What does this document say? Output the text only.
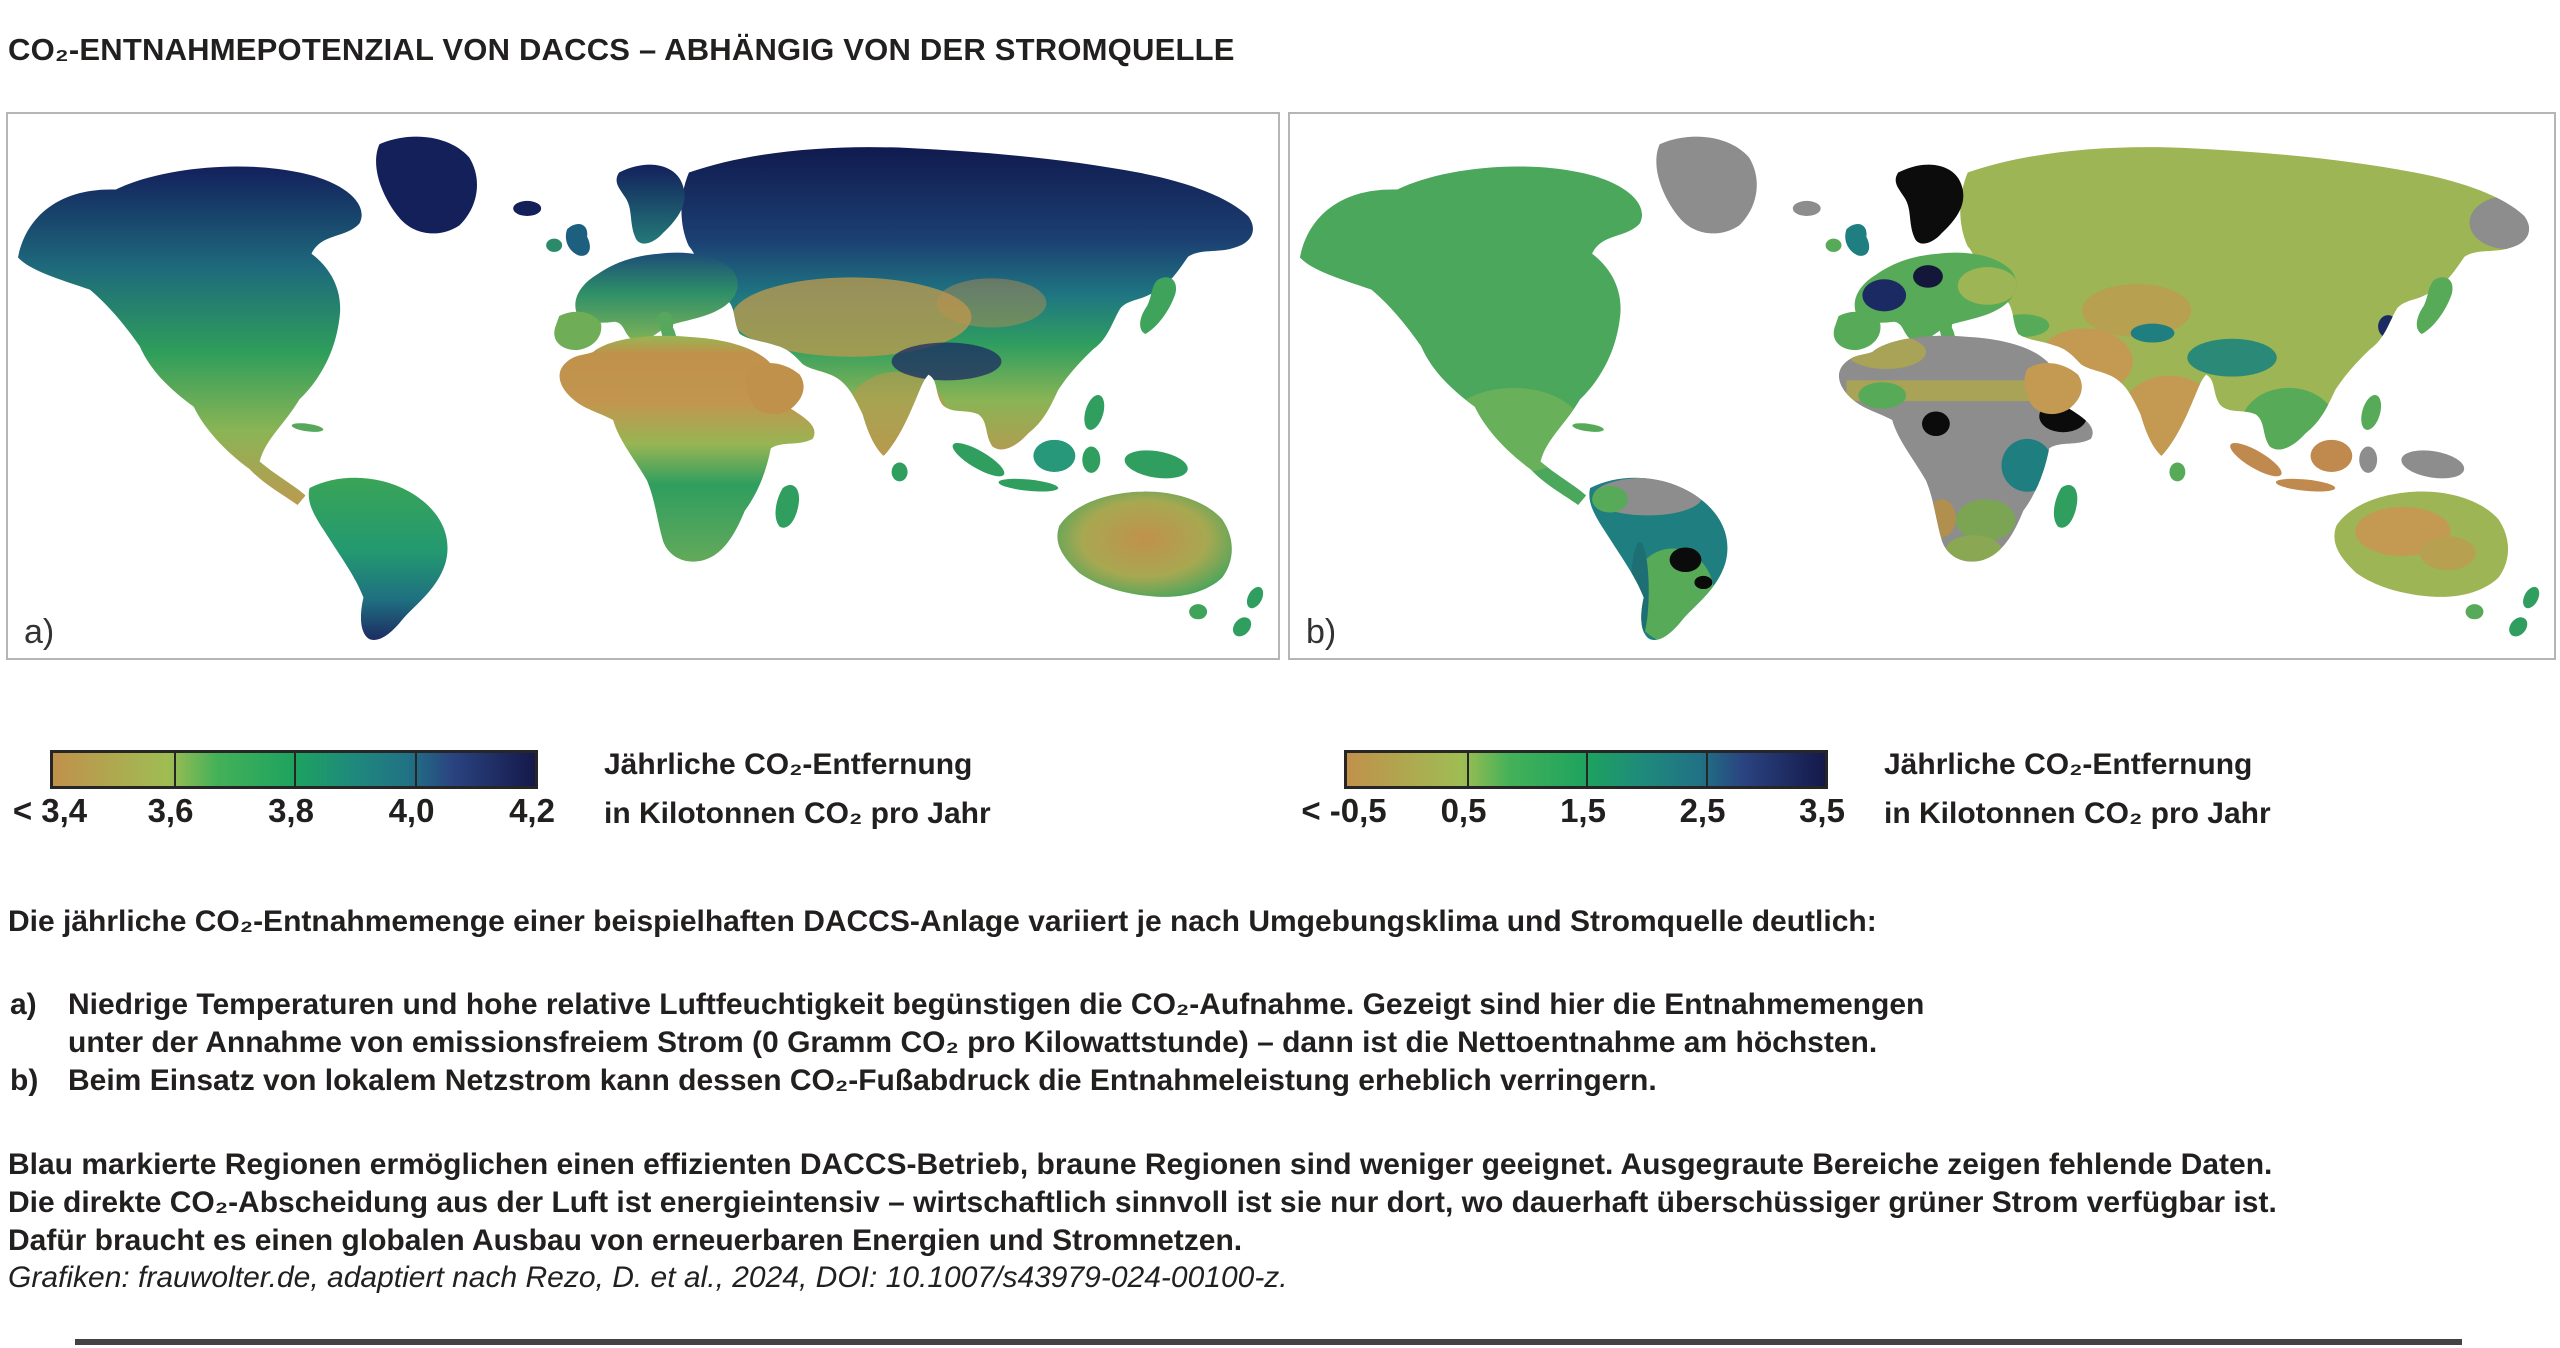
CO₂-ENTNAHMEPOTENZIAL VON DACCS – ABHÄNGIG VON DER STROMQUELLE
a)	b)
< 3,4 3,6 3,8 4,0 4,2
Jährliche CO₂-Entfernung
in Kilotonnen CO₂ pro Jahr	< -0,5 0,5 1,5 2,5 3,5
Jährliche CO₂-Entfernung
in Kilotonnen CO₂ pro Jahr
Die jährliche CO₂-Entnahmemenge einer beispielhaften DACCS-Anlage variiert je nach Umgebungsklima und Stromquelle deutlich:
a) Niedrige Temperaturen und hohe relative Luftfeuchtigkeit begünstigen die CO₂-Aufnahme. Gezeigt sind hier die Entnahmemengen
unter der Annahme von emissionsfreiem Strom (0 Gramm CO₂ pro Kilowattstunde) – dann ist die Nettoentnahme am höchsten.
b) Beim Einsatz von lokalem Netzstrom kann dessen CO₂-Fußabdruck die Entnahmeleistung erheblich verringern.
Blau markierte Regionen ermöglichen einen effizienten DACCS-Betrieb, braune Regionen sind weniger geeignet. Ausgegraute Bereiche zeigen fehlende Daten.
Die direkte CO₂-Abscheidung aus der Luft ist energieintensiv – wirtschaftlich sinnvoll ist sie nur dort, wo dauerhaft überschüssiger grüner Strom verfügbar ist.
Dafür braucht es einen globalen Ausbau von erneuerbaren Energien und Stromnetzen.
Grafiken: frauwolter.de, adaptiert nach Rezo, D. et al., 2024, DOI: 10.1007/s43979-024-00100-z.
